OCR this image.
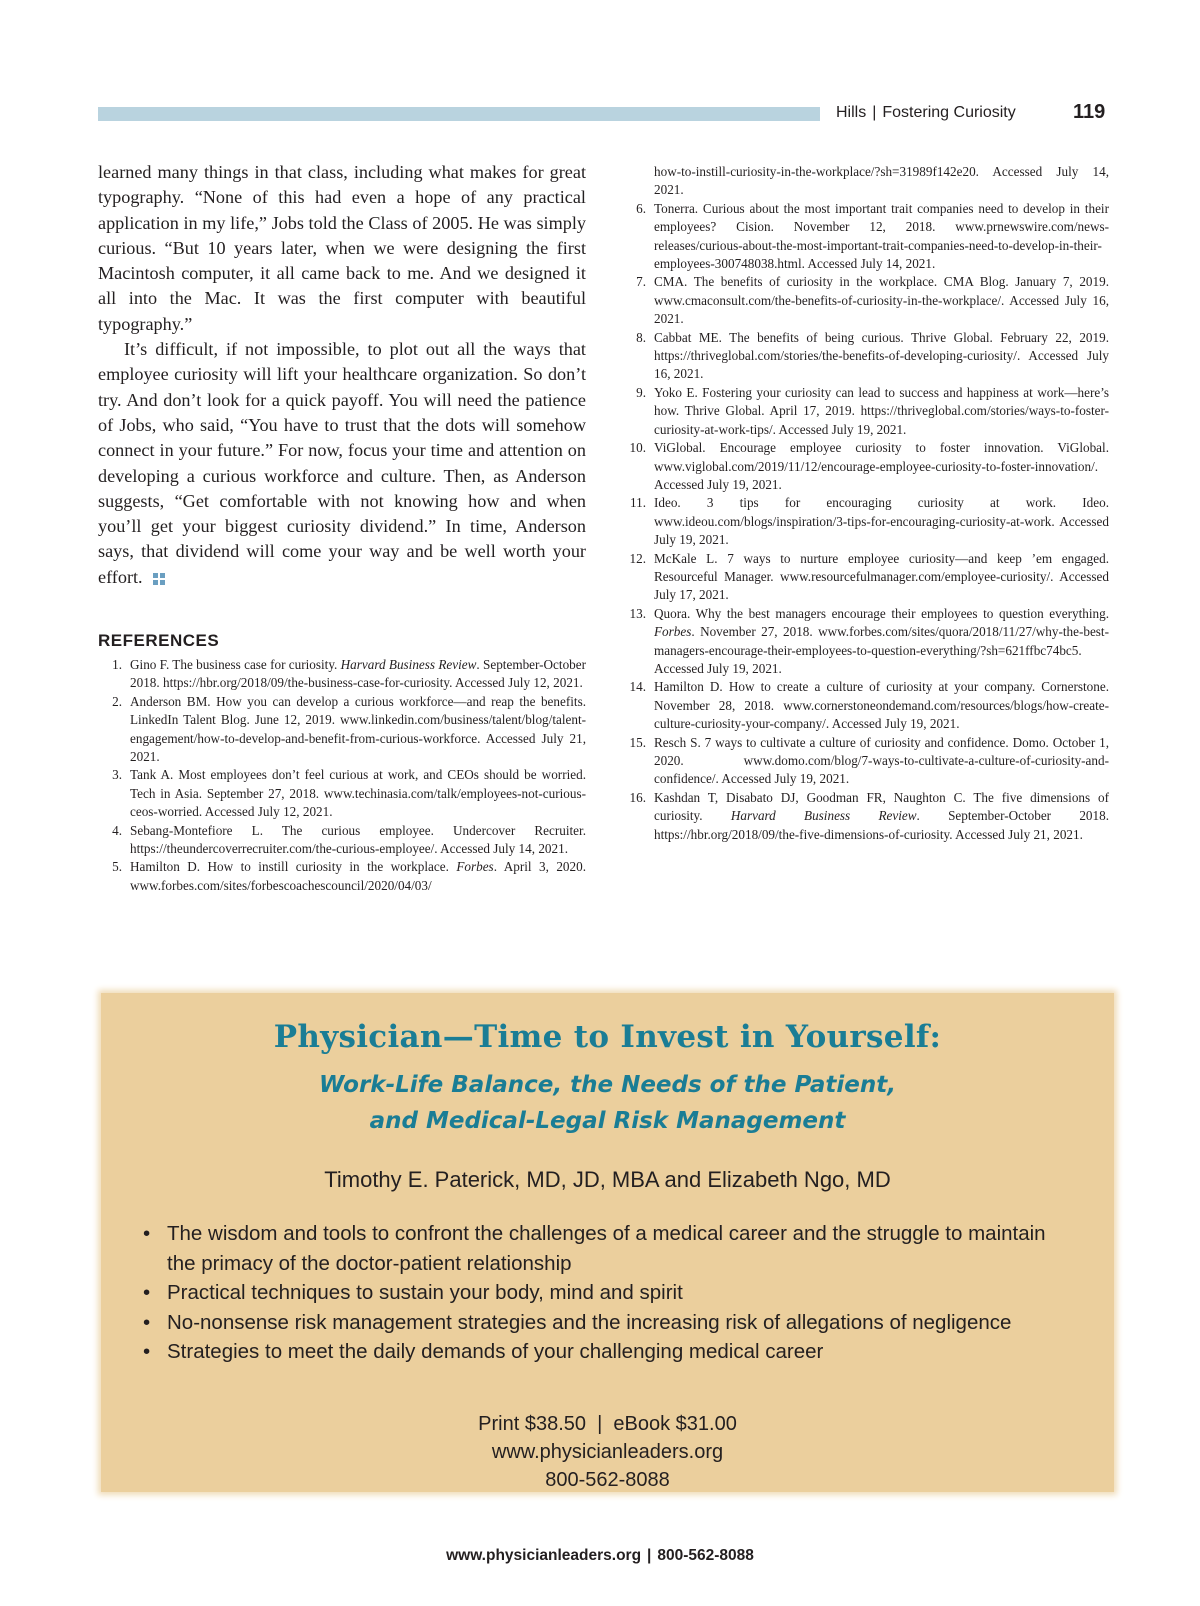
Hills | Fostering Curiosity	119

learned many things in that class, including what makes for great typography. “None of this had even a hope of any practical application in my life,” Jobs told the Class of 2005. He was simply curious. “But 10 years later, when we were designing the first Macintosh computer, it all came back to me. And we designed it all into the Mac. It was the first computer with beautiful typography.”

It’s difficult, if not impossible, to plot out all the ways that employee curiosity will lift your healthcare organization. So don’t try. And don’t look for a quick payoff. You will need the patience of Jobs, who said, “You have to trust that the dots will somehow connect in your future.” For now, focus your time and attention on developing a curious workforce and culture. Then, as Anderson suggests, “Get comfortable with not knowing how and when you’ll get your biggest curiosity dividend.” In time, Anderson says, that dividend will come your way and be well worth your effort.

REFERENCES
1. Gino F. The business case for curiosity. Harvard Business Review. September-October 2018. https://hbr.org/2018/09/the-business-case-for-curiosity. Accessed July 12, 2021.
2. Anderson BM. How you can develop a curious workforce—and reap the benefits. LinkedIn Talent Blog. June 12, 2019. www.linkedin.com/business/talent/blog/talent-engagement/how-to-develop-and-benefit-from-curious-workforce. Accessed July 21, 2021.
3. Tank A. Most employees don’t feel curious at work, and CEOs should be worried. Tech in Asia. September 27, 2018. www.techinasia.com/talk/employees-not-curious-ceos-worried. Accessed July 12, 2021.
4. Sebang-Montefiore L. The curious employee. Undercover Recruiter. https://theundercoverrecruiter.com/the-curious-employee/. Accessed July 14, 2021.
5. Hamilton D. How to instill curiosity in the workplace. Forbes. April 3, 2020. www.forbes.com/sites/forbescoachescouncil/2020/04/03/
how-to-instill-curiosity-in-the-workplace/?sh=31989f142e20. Accessed July 14, 2021.
6. Tonerra. Curious about the most important trait companies need to develop in their employees? Cision. November 12, 2018. www.prnewswire.com/news-releases/curious-about-the-most-important-trait-companies-need-to-develop-in-their-employees-300748038.html. Accessed July 14, 2021.
7. CMA. The benefits of curiosity in the workplace. CMA Blog. January 7, 2019. www.cmaconsult.com/the-benefits-of-curiosity-in-the-workplace/. Accessed July 16, 2021.
8. Cabbat ME. The benefits of being curious. Thrive Global. February 22, 2019. https://thriveglobal.com/stories/the-benefits-of-developing-curiosity/. Accessed July 16, 2021.
9. Yoko E. Fostering your curiosity can lead to success and happiness at work—here’s how. Thrive Global. April 17, 2019. https://thriveglobal.com/stories/ways-to-foster-curiosity-at-work-tips/. Accessed July 19, 2021.
10. ViGlobal. Encourage employee curiosity to foster innovation. ViGlobal. www.viglobal.com/2019/11/12/encourage-employee-curiosity-to-foster-innovation/. Accessed July 19, 2021.
11. Ideo. 3 tips for encouraging curiosity at work. Ideo. www.ideou.com/blogs/inspiration/3-tips-for-encouraging-curiosity-at-work. Accessed July 19, 2021.
12. McKale L. 7 ways to nurture employee curiosity—and keep ’em engaged. Resourceful Manager. www.resourcefulmanager.com/employee-curiosity/. Accessed July 17, 2021.
13. Quora. Why the best managers encourage their employees to question everything. Forbes. November 27, 2018. www.forbes.com/sites/quora/2018/11/27/why-the-best-managers-encourage-their-employees-to-question-everything/?sh=621ffbc74bc5. Accessed July 19, 2021.
14. Hamilton D. How to create a culture of curiosity at your company. Cornerstone. November 28, 2018. www.cornerstoneondemand.com/resources/blogs/how-create-culture-curiosity-your-company/. Accessed July 19, 2021.
15. Resch S. 7 ways to cultivate a culture of curiosity and confidence. Domo. October 1, 2020. www.domo.com/blog/7-ways-to-cultivate-a-culture-of-curiosity-and-confidence/. Accessed July 19, 2021.
16. Kashdan T, Disabato DJ, Goodman FR, Naughton C. The five dimensions of curiosity. Harvard Business Review. September-October 2018. https://hbr.org/2018/09/the-five-dimensions-of-curiosity. Accessed July 21, 2021.
Physician—Time to Invest in Yourself:
Work-Life Balance, the Needs of the Patient,
and Medical-Legal Risk Management
Timothy E. Paterick, MD, JD, MBA and Elizabeth Ngo, MD
• The wisdom and tools to confront the challenges of a medical career and the struggle to maintain the primacy of the doctor-patient relationship
• Practical techniques to sustain your body, mind and spirit
• No-nonsense risk management strategies and the increasing risk of allegations of negligence
• Strategies to meet the daily demands of your challenging medical career
Print $38.50  |  eBook $31.00
www.physicianleaders.org
800-562-8088
www.physicianleaders.org | 800-562-8088
